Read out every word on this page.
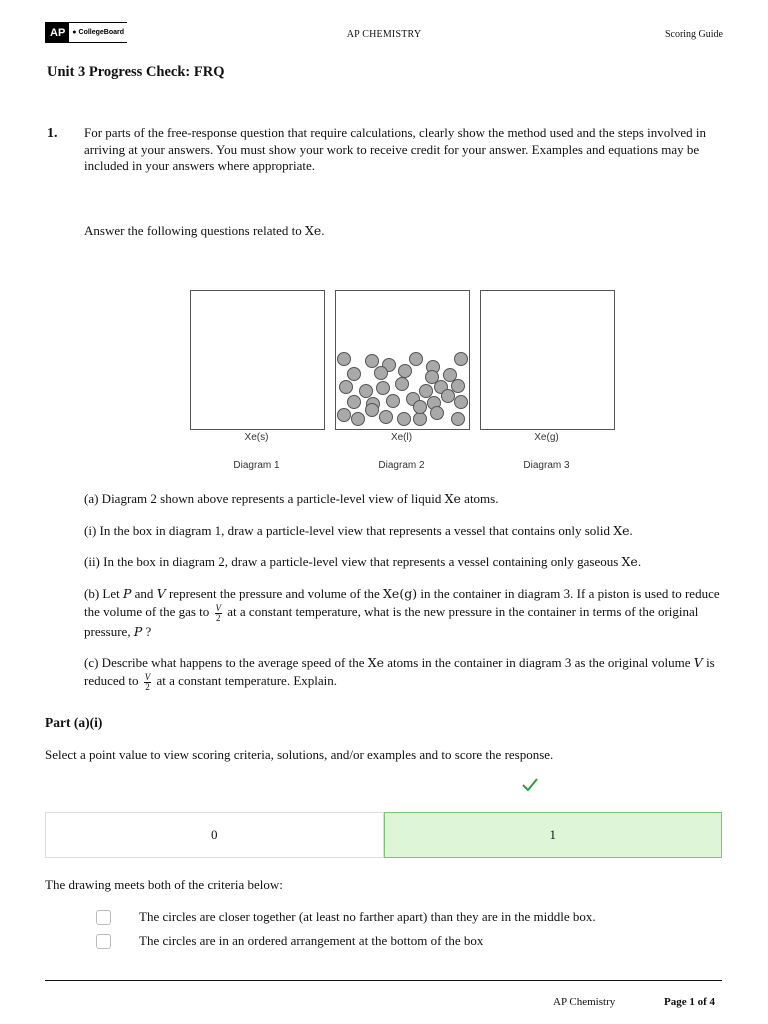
AP	● CollegeBoard	AP CHEMISTRY	Scoring Guide
Unit 3 Progress Check: FRQ
1. For parts of the free-response question that require calculations, clearly show the method used and the steps involved in arriving at your answers. You must show your work to receive credit for your answer. Examples and equations may be included in your answers where appropriate.
Answer the following questions related to Xe.
Xe(s)	Xe(l)	Xe(g)
Diagram 1	Diagram 2	Diagram 3
(a) Diagram 2 shown above represents a particle-level view of liquid Xe atoms.
(i) In the box in diagram 1, draw a particle-level view that represents a vessel that contains only solid Xe.
(ii) In the box in diagram 2, draw a particle-level view that represents a vessel containing only gaseous Xe.
(b) Let P and V represent the pressure and volume of the Xe(g) in the container in diagram 3. If a piston is used to reduce the volume of the gas to $\frac{V}{2}$ at a constant temperature, what is the new pressure in the container in terms of the original pressure, P ?
(c) Describe what happens to the average speed of the Xe atoms in the container in diagram 3 as the original volume V is reduced to $\frac{V}{2}$ at a constant temperature. Explain.
Part (a)(i)
Select a point value to view scoring criteria, solutions, and/or examples and to score the response.
0	1
The drawing meets both of the criteria below:
The circles are closer together (at least no farther apart) than they are in the middle box.
The circles are in an ordered arrangement at the bottom of the box
AP Chemistry	Page 1 of 4
